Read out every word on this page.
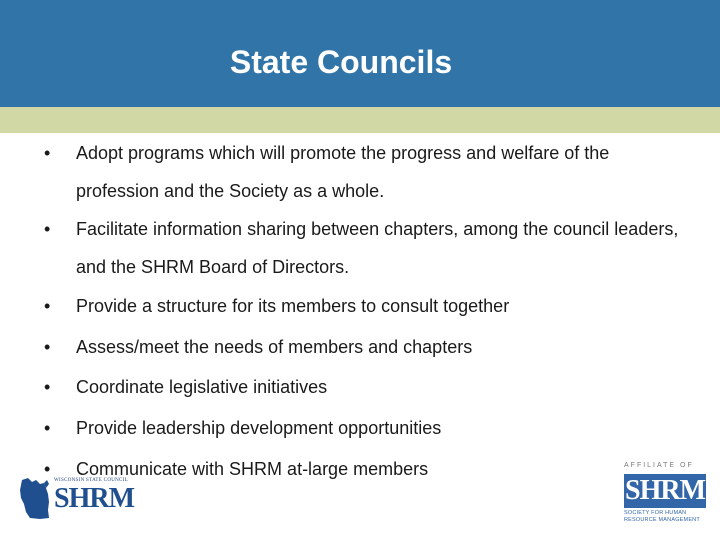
State Councils
• Adopt programs which will promote the progress and welfare of the profession and the Society as a whole.
• Facilitate information sharing between chapters, among the council leaders, and the SHRM Board of Directors.
• Provide a structure for its members to consult together
• Assess/meet the needs of members and chapters
• Coordinate legislative initiatives
• Provide leadership development opportunities
• Communicate with SHRM at-large members
WISCONSIN STATE COUNCIL
SHRM
AFFILIATE OF
SHRM
SOCIETY FOR HUMAN RESOURCE MANAGEMENT
